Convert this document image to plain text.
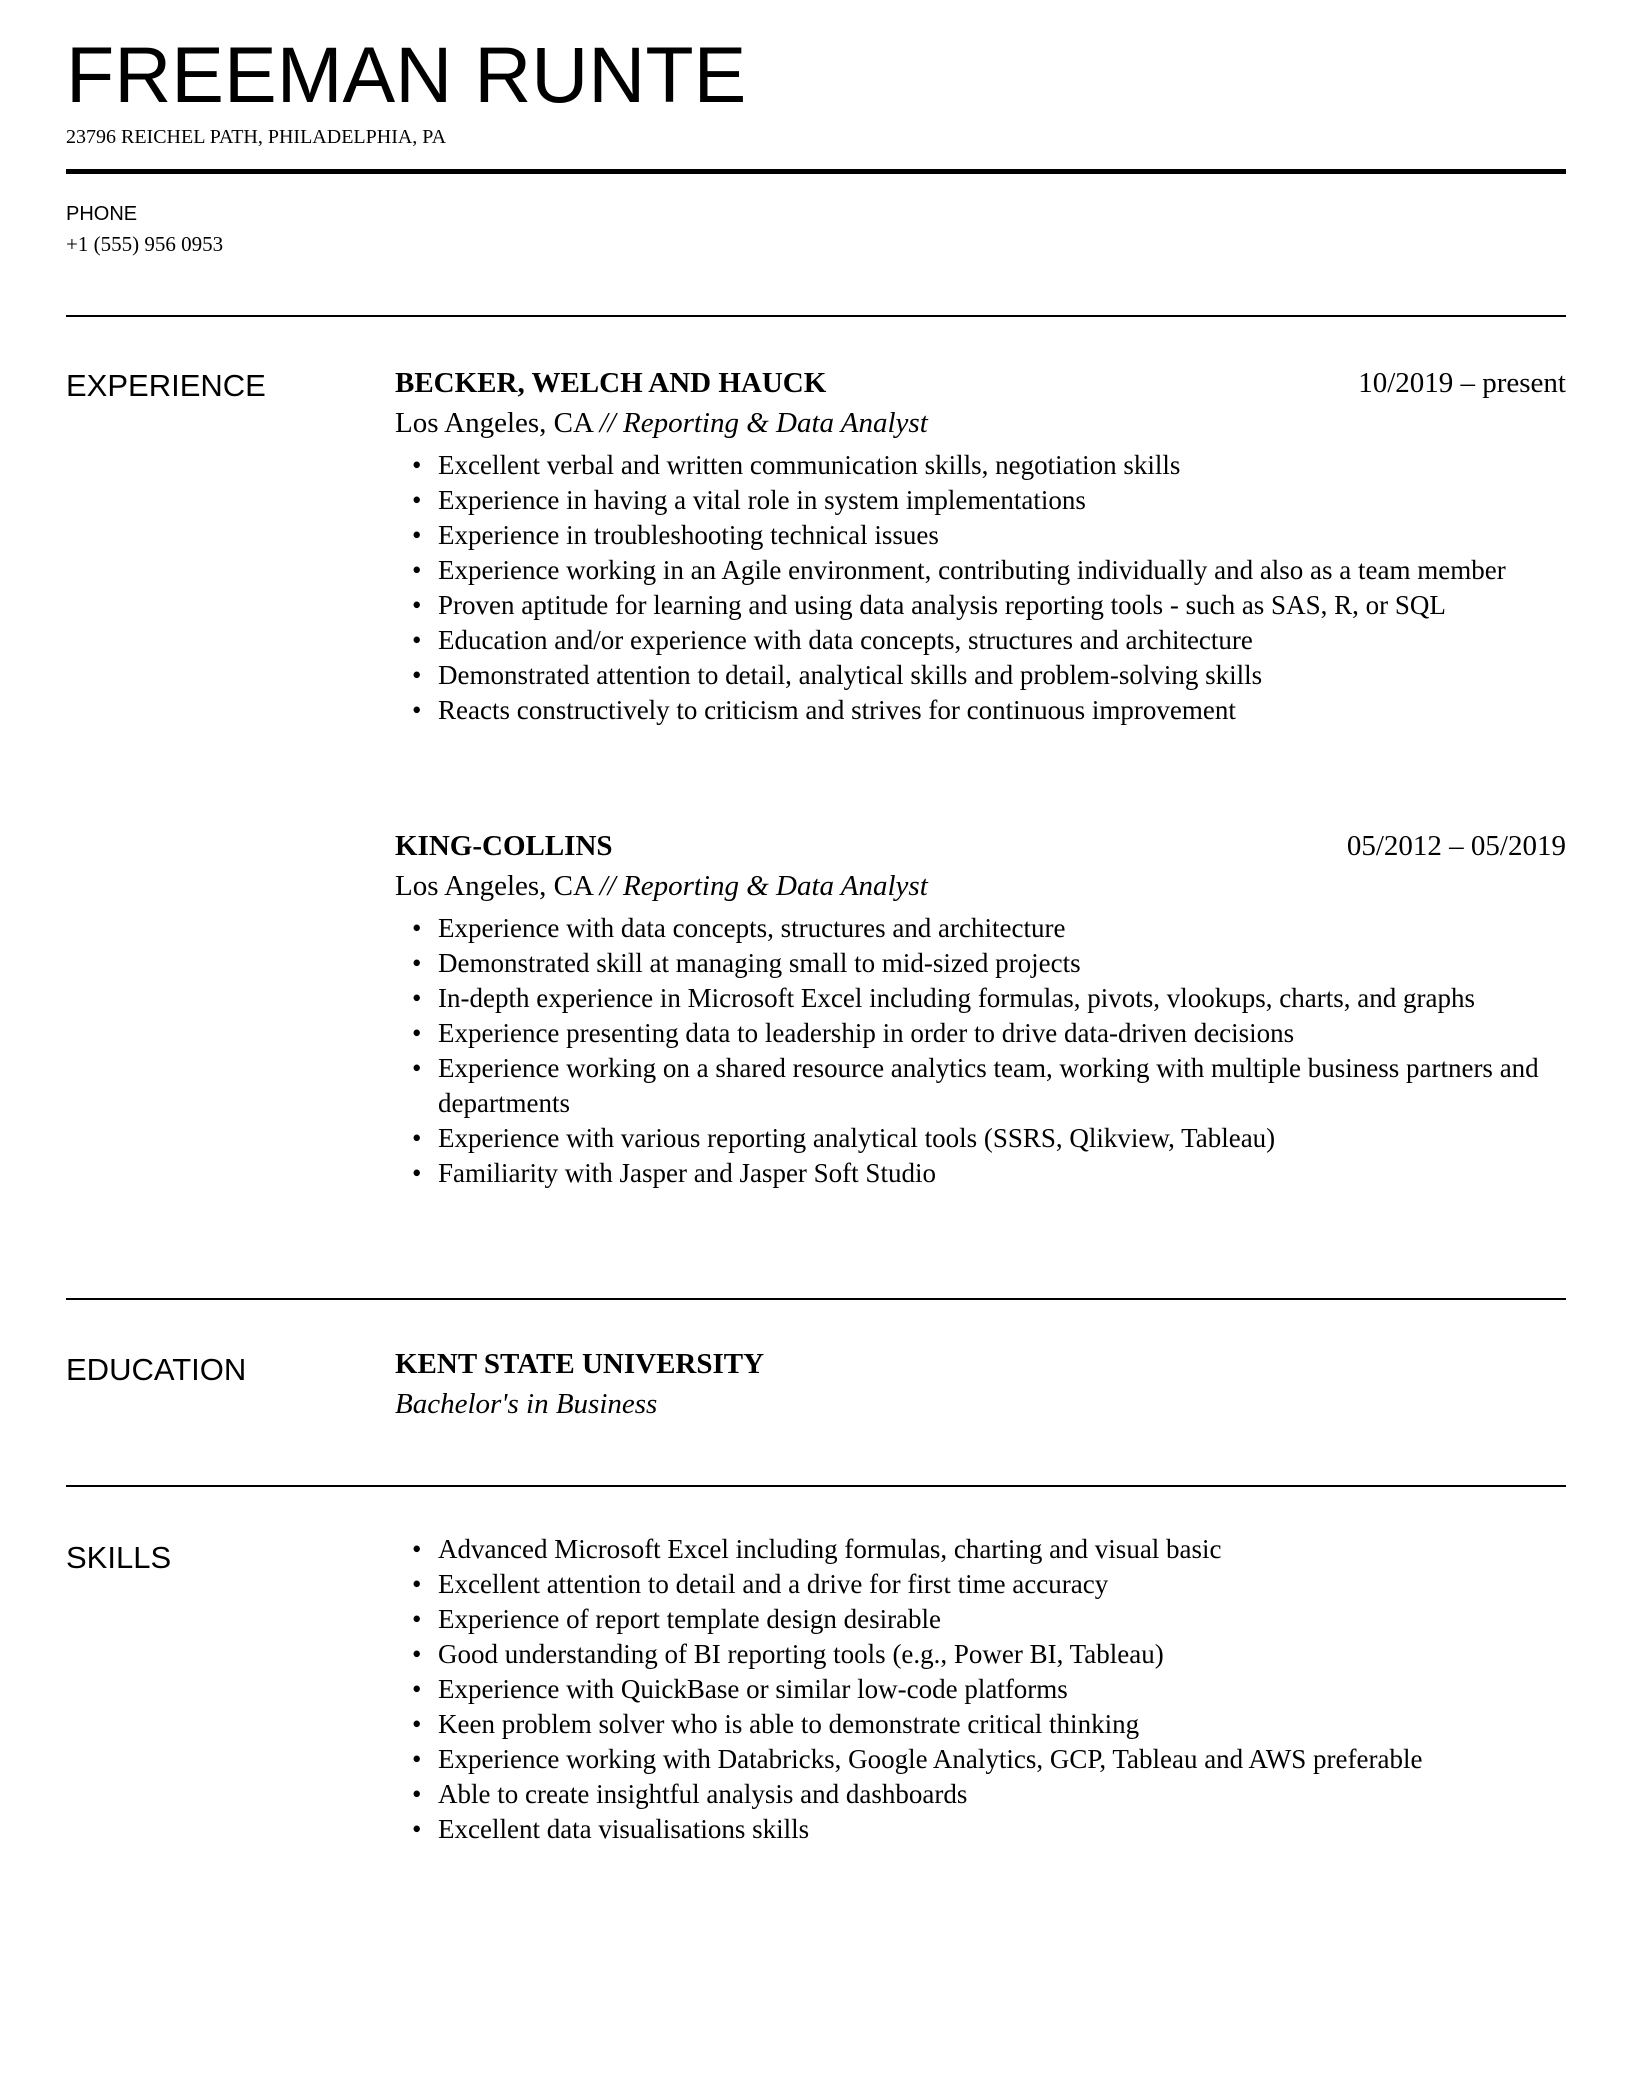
FREEMAN RUNTE
23796 REICHEL PATH, PHILADELPHIA, PA
PHONE
+1 (555) 956 0953
EXPERIENCE	BECKER, WELCH AND HAUCK	10/2019 – present
Los Angeles, CA // Reporting & Data Analyst
• Excellent verbal and written communication skills, negotiation skills
• Experience in having a vital role in system implementations
• Experience in troubleshooting technical issues
• Experience working in an Agile environment, contributing individually and also as a team member
• Proven aptitude for learning and using data analysis reporting tools - such as SAS, R, or SQL
• Education and/or experience with data concepts, structures and architecture
• Demonstrated attention to detail, analytical skills and problem-solving skills
• Reacts constructively to criticism and strives for continuous improvement
KING-COLLINS	05/2012 – 05/2019
Los Angeles, CA // Reporting & Data Analyst
• Experience with data concepts, structures and architecture
• Demonstrated skill at managing small to mid-sized projects
• In-depth experience in Microsoft Excel including formulas, pivots, vlookups, charts, and graphs
• Experience presenting data to leadership in order to drive data-driven decisions
• Experience working on a shared resource analytics team, working with multiple business partners and departments
• Experience with various reporting analytical tools (SSRS, Qlikview, Tableau)
• Familiarity with Jasper and Jasper Soft Studio
EDUCATION	KENT STATE UNIVERSITY
Bachelor's in Business
SKILLS
•	Advanced Microsoft Excel including formulas, charting and visual basic
• Excellent attention to detail and a drive for first time accuracy
• Experience of report template design desirable
• Good understanding of BI reporting tools (e.g., Power BI, Tableau)
• Experience with QuickBase or similar low-code platforms
• Keen problem solver who is able to demonstrate critical thinking
• Experience working with Databricks, Google Analytics, GCP, Tableau and AWS preferable
• Able to create insightful analysis and dashboards
• Excellent data visualisations skills
